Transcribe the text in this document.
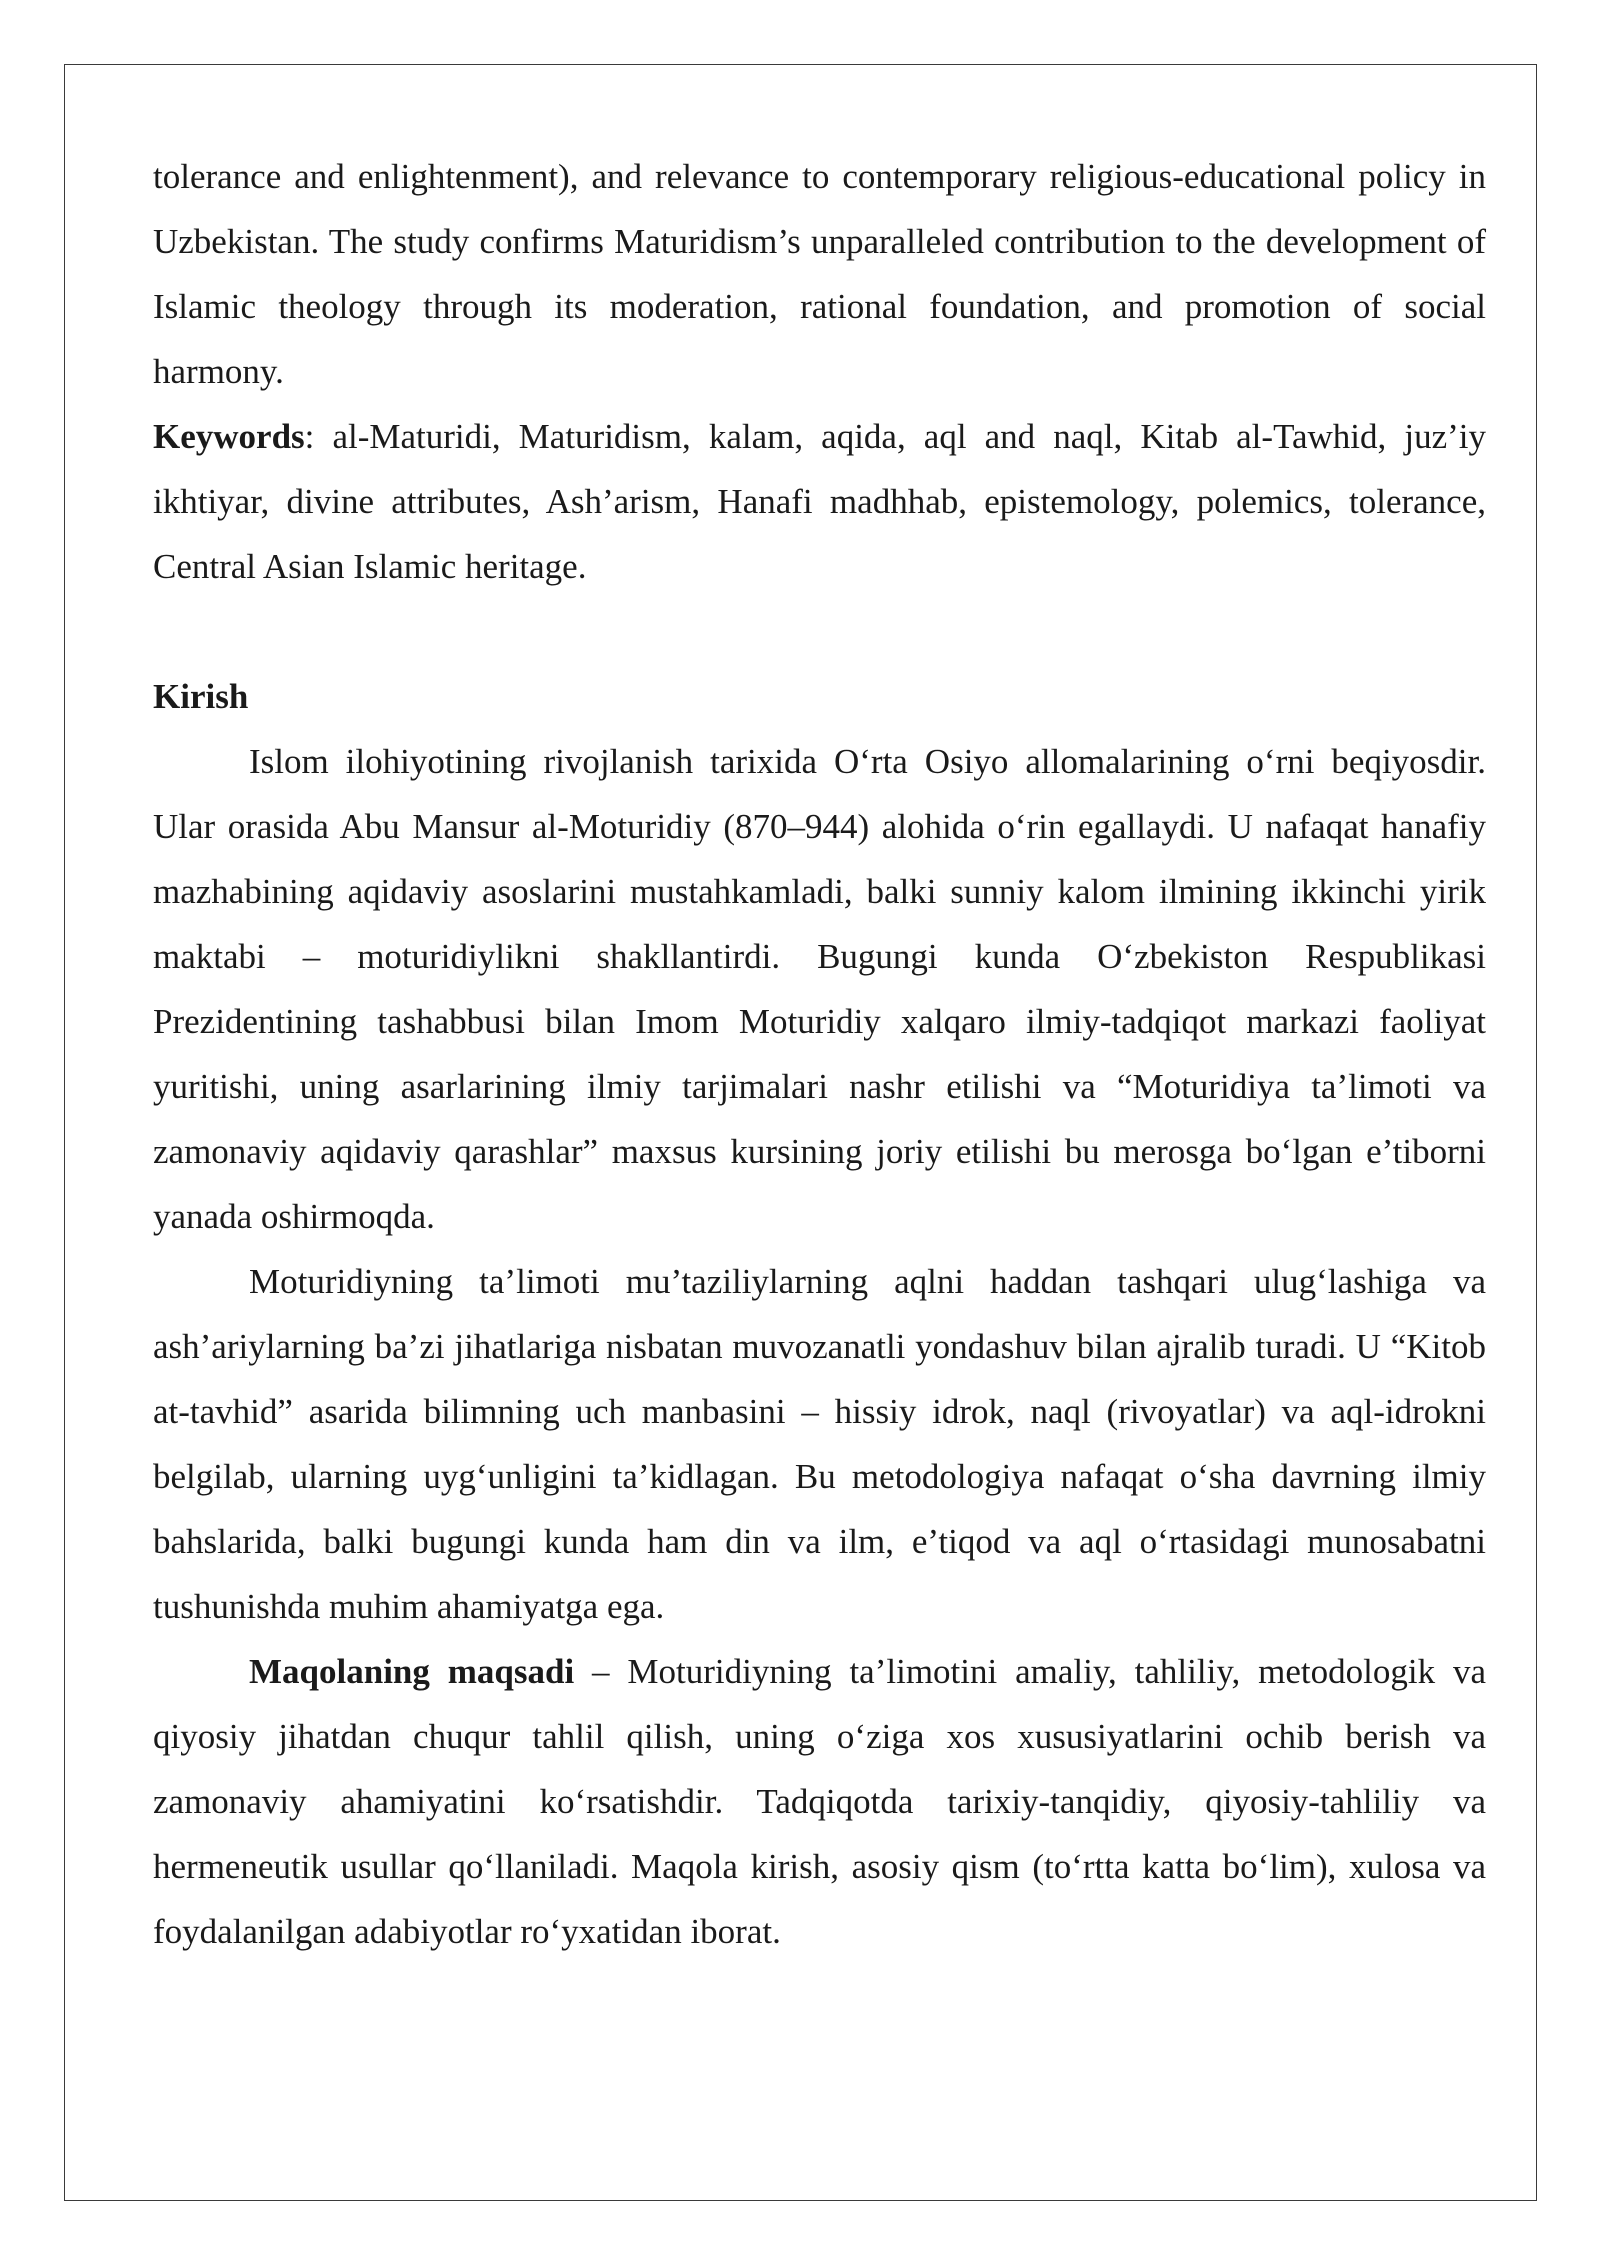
tolerance and enlightenment), and relevance to contemporary religious-educational policy in Uzbekistan. The study confirms Maturidism’s unparalleled contribution to the development of Islamic theology through its moderation, rational foundation, and promotion of social harmony.

Keywords: al-Maturidi, Maturidism, kalam, aqida, aql and naql, Kitab al-Tawhid, juz’iy ikhtiyar, divine attributes, Ash’arism, Hanafi madhhab, epistemology, polemics, tolerance, Central Asian Islamic heritage.

Kirish

Islom ilohiyotining rivojlanish tarixida O‘rta Osiyo allomalarining o‘rni beqiyosdir. Ular orasida Abu Mansur al-Moturidiy (870–944) alohida o‘rin egallaydi. U nafaqat hanafiy mazhabining aqidaviy asoslarini mustahkamladi, balki sunniy kalom ilmining ikkinchi yirik maktabi – moturidiylikni shakllantirdi. Bugungi kunda O‘zbekiston Respublikasi Prezidentining tashabbusi bilan Imom Moturidiy xalqaro ilmiy-tadqiqot markazi faoliyat yuritishi, uning asarlarining ilmiy tarjimalari nashr etilishi va “Moturidiya ta’limoti va zamonaviy aqidaviy qarashlar” maxsus kursining joriy etilishi bu merosga bo‘lgan e’tiborni yanada oshirmoqda.

Moturidiyning ta’limoti mu’taziliylarning aqlni haddan tashqari ulug‘lashiga va ash’ariylarning ba’zi jihatlariga nisbatan muvozanatli yondashuv bilan ajralib turadi. U “Kitob at-tavhid” asarida bilimning uch manbasini – hissiy idrok, naql (rivoyatlar) va aql-idrokni belgilab, ularning uyg‘unligini ta’kidlagan. Bu metodologiya nafaqat o‘sha davrning ilmiy bahslarida, balki bugungi kunda ham din va ilm, e’tiqod va aql o‘rtasidagi munosabatni tushunishda muhim ahamiyatga ega.

Maqolaning maqsadi – Moturidiyning ta’limotini amaliy, tahliliy, metodologik va qiyosiy jihatdan chuqur tahlil qilish, uning o‘ziga xos xususiyatlarini ochib berish va zamonaviy ahamiyatini ko‘rsatishdir. Tadqiqotda tarixiy-tanqidiy, qiyosiy-tahliliy va hermeneutik usullar qo‘llaniladi. Maqola kirish, asosiy qism (to‘rtta katta bo‘lim), xulosa va foydalanilgan adabiyotlar ro‘yxatidan iborat.
